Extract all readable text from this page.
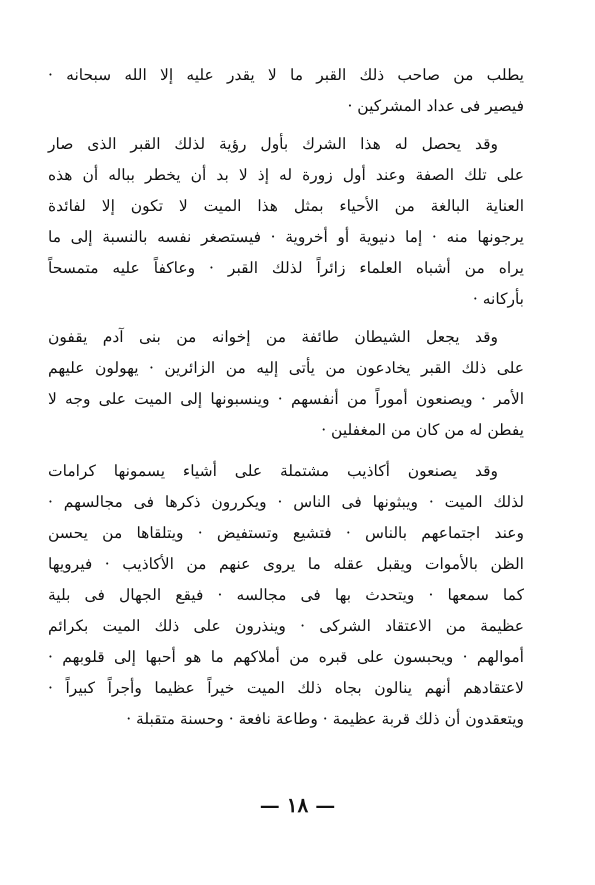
يطلب من صاحب ذلك القبر ما لا يقدر عليه إلا الله سبحانه ·
فيصير فى عداد المشركين ·
وقد يحصل له هذا الشرك بأول رؤية لذلك القبر الذى صار
على تلك الصفة وعند أول زورة له إذ لا بد أن يخطر بباله أن هذه
العناية البالغة من الأحياء بمثل هذا الميت لا تكون إلا لفائدة
يرجونها منه · إما دنيوية أو أخروية · فيستصغر نفسه بالنسبة إلى ما
يراه من أشباه العلماء زائراً لذلك القبر · وعاكفاً عليه متمسحاً
بأركانه ·
وقد يجعل الشيطان طائفة من إخوانه من بنى آدم يقفون
على ذلك القبر يخادعون من يأتى إليه من الزائرين · يهولون عليهم
الأمر · ويصنعون أموراً من أنفسهم · وينسبونها إلى الميت على وجه لا
يفطن له من كان من المغفلين ·
وقد يصنعون أكاذيب مشتملة على أشياء يسمونها كرامات
لذلك الميت · ويبثونها فى الناس · ويكررون ذكرها فى مجالسهم ·
وعند اجتماعهم بالناس · فتشيع وتستفيض · ويتلقاها من يحسن
الظن بالأموات ويقبل عقله ما يروى عنهم من الأكاذيب · فيرويها
كما سمعها · ويتحدث بها فى مجالسه · فيقع الجهال فى بلية
عظيمة من الاعتقاد الشركى · وينذرون على ذلك الميت بكرائم
أموالهم · ويحبسون على قبره من أملاكهم ما هو أحبها إلى قلوبهم ·
لاعتقادهم أنهم ينالون بجاه ذلك الميت خيراً عظيما وأجراً كبيراً ·
ويتعقدون أن ذلك قربة عظيمة · وطاعة نافعة · وحسنة متقبلة ·
— ١٨ —
